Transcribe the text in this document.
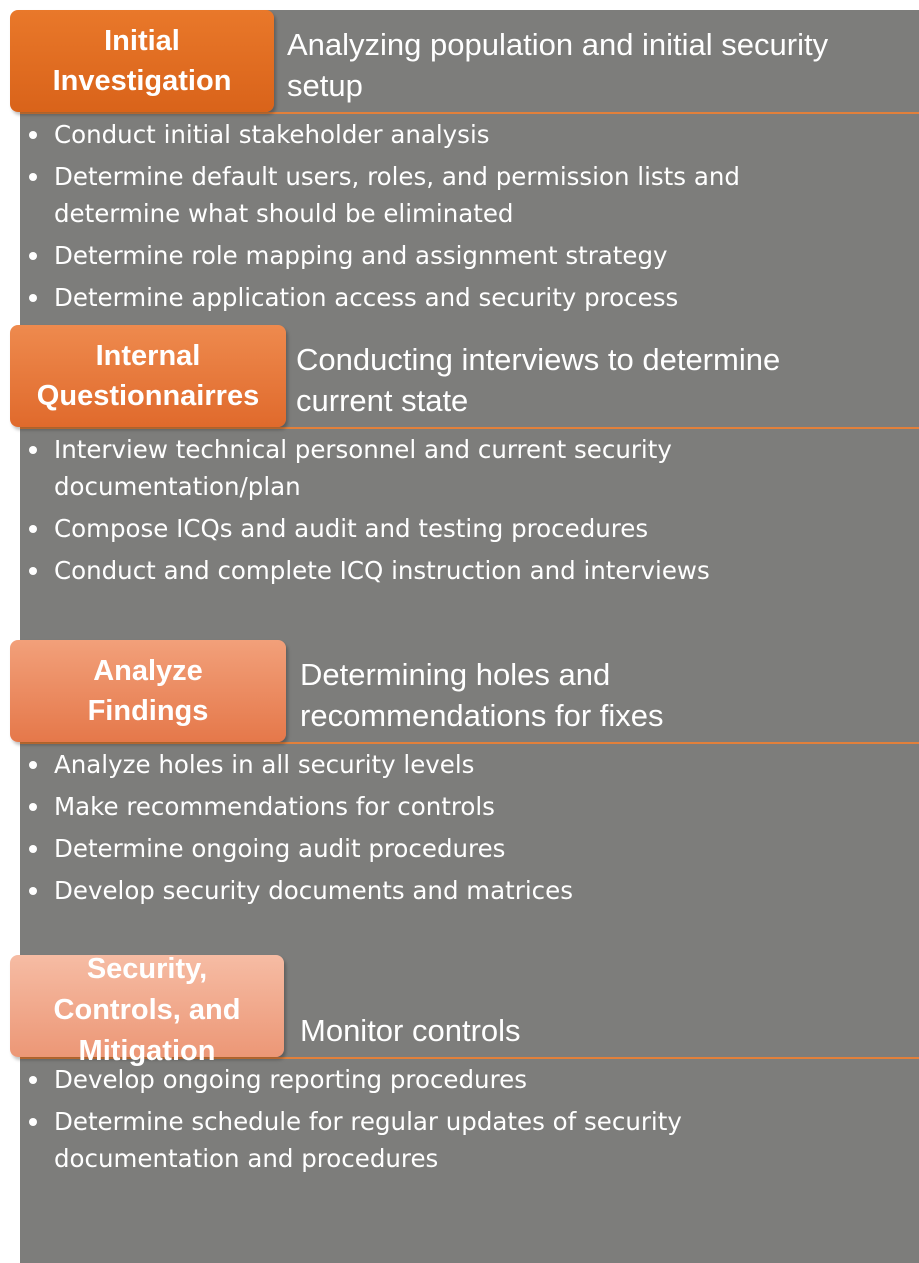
Initial
Investigation
Analyzing population and initial security
setup
Conduct initial stakeholder analysis
Determine default users, roles, and permission lists and determine what should be eliminated
Determine role mapping and assignment strategy
Determine application access and security process
Internal
Questionnairres
Conducting interviews to determine
current state
Interview technical personnel and current security documentation/plan
Compose ICQs and audit and testing procedures
Conduct and complete ICQ instruction and interviews
Analyze
Findings
Determining holes and
recommendations for fixes
Analyze holes in all security levels
Make recommendations for controls
Determine ongoing audit procedures
Develop security documents and matrices
Security,
Controls, and
Mitigation
Monitor controls
Develop ongoing reporting procedures
Determine schedule for regular updates of security documentation and procedures
